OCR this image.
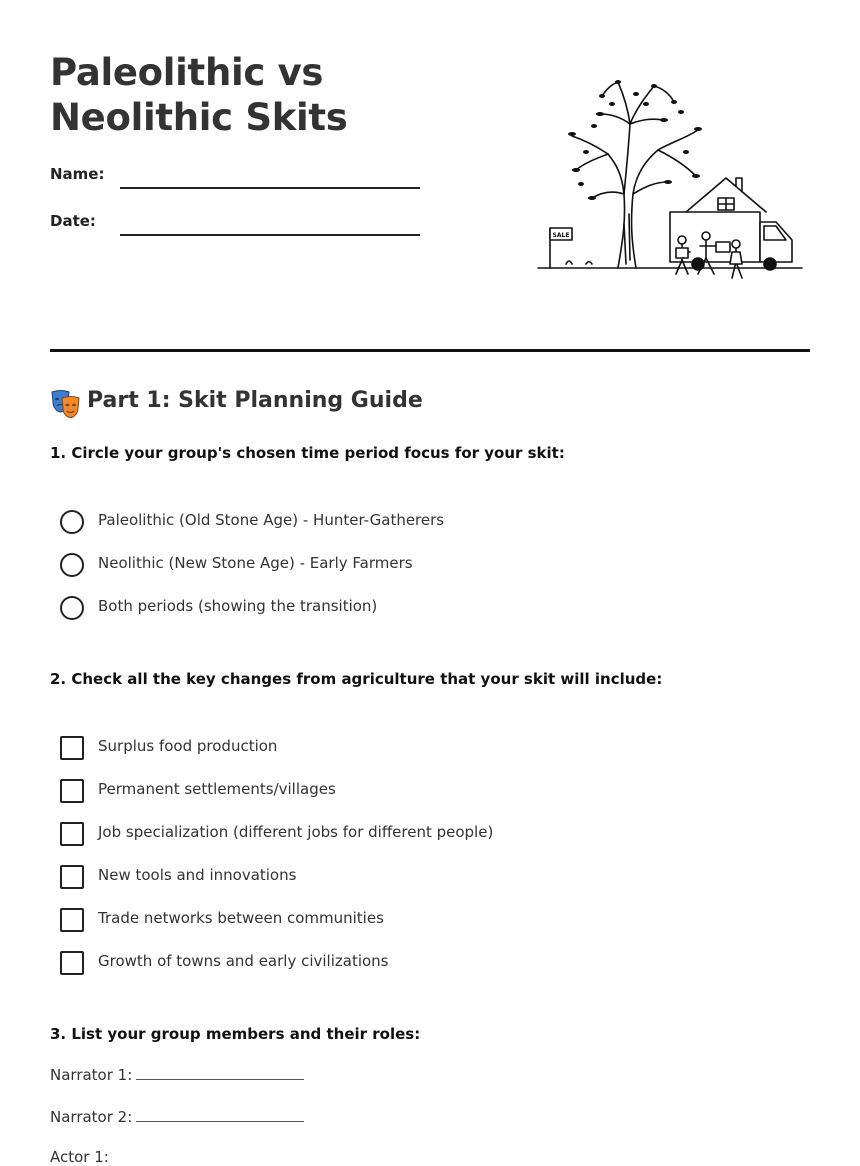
Paleolithic vs Neolithic Skits
Name:
Date:
SALE
Part 1: Skit Planning Guide
1. Circle your group's chosen time period focus for your skit:
Paleolithic (Old Stone Age) - Hunter-Gatherers
Neolithic (New Stone Age) - Early Farmers
Both periods (showing the transition)
2. Check all the key changes from agriculture that your skit will include:
Surplus food production
Permanent settlements/villages
Job specialization (different jobs for different people)
New tools and innovations
Trade networks between communities
Growth of towns and early civilizations
3. List your group members and their roles:
Narrator 1:
Narrator 2:
Actor 1:
